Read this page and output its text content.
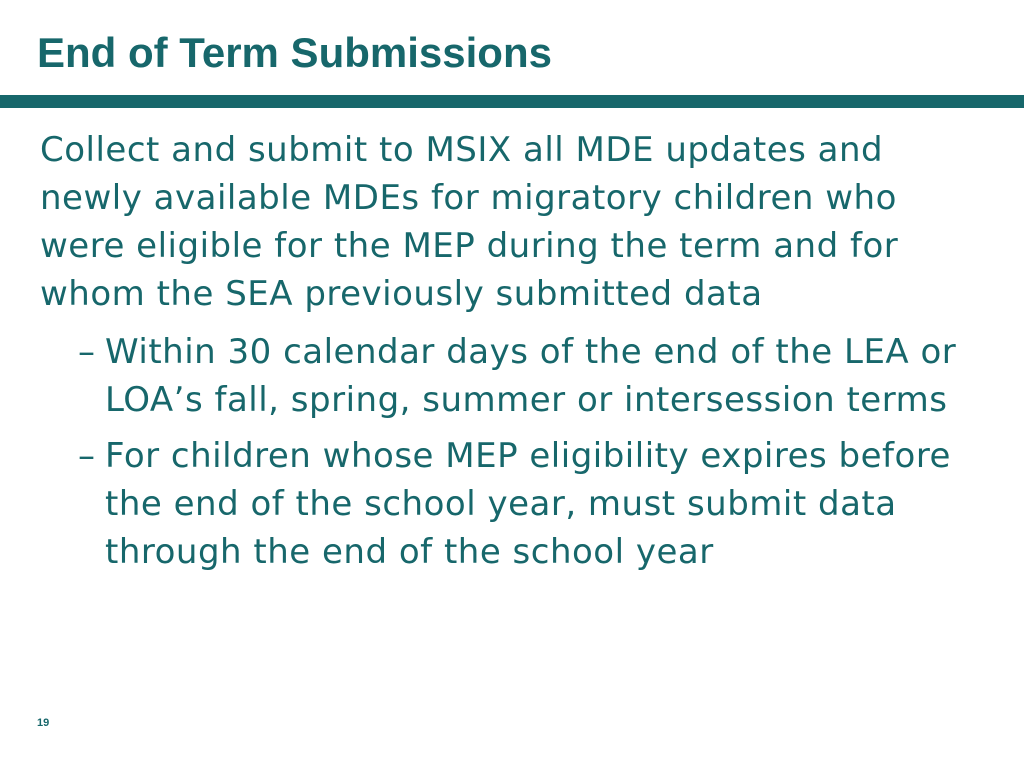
End of Term Submissions

Collect and submit to MSIX all MDE updates and newly available MDEs for migratory children who were eligible for the MEP during the term and for whom the SEA previously submitted data

– Within 30 calendar days of the end of the LEA or LOA’s fall, spring, summer or intersession terms
– For children whose MEP eligibility expires before the end of the school year, must submit data through the end of the school year
19
